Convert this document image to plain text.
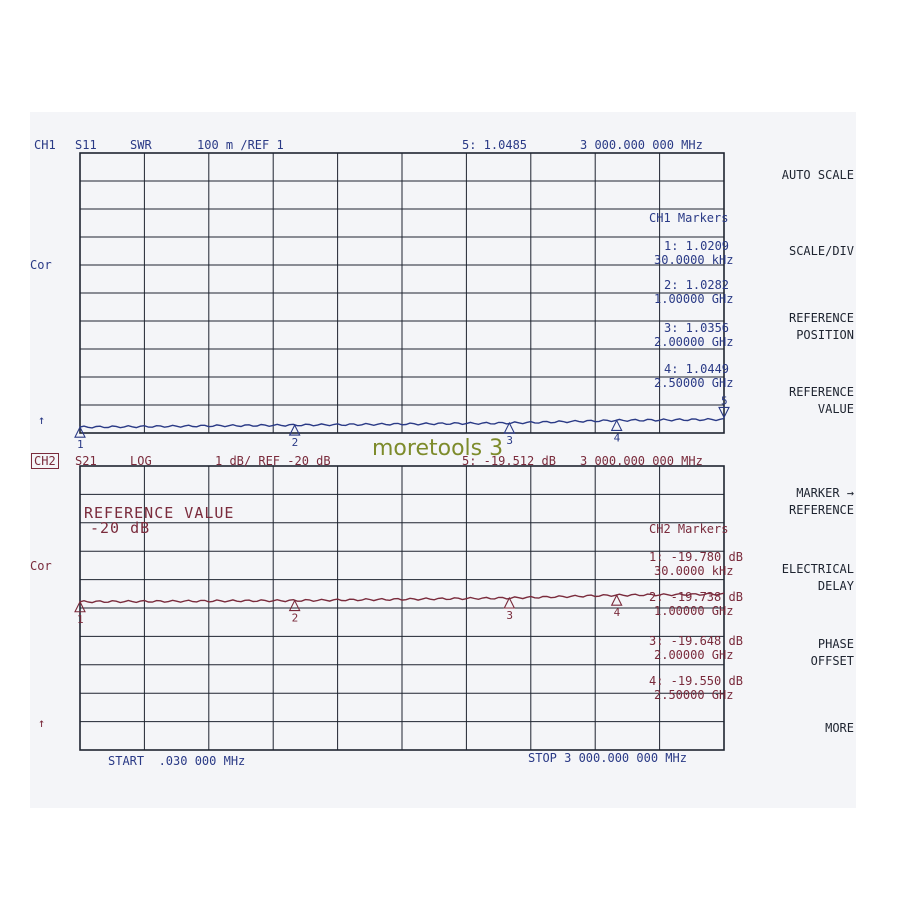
1	2	3	4
5
1	2	3	4
CH1 S11	SWR	100 m /REF 1	5: 1.0485	3 000.000 000 MHz
Cor
↑
CH1 Markers
1: 1.0209
30.0000 kHz
2: 1.0282
1.00000 GHz
3: 1.0356
2.00000 GHz
4: 1.0449
2.50000 GHz
CH2 S21	LOG	1 dB/ REF -20 dB	5: -19.512 dB 3 000.000 000 MHz
Cor
↑
REFERENCE VALUE
-20 dB	CH2 Markers
1: -19.780 dB
30.0000 kHz
2: -19.738 dB
1.00000 GHz
3: -19.648 dB
2.00000 GHz
4: -19.550 dB
2.50000 GHz
START  .030 000 MHz	STOP 3 000.000 000 MHz
AUTO SCALE
SCALE/DIV
REFERENCE
POSITION
REFERENCE
VALUE
MARKER →
REFERENCE
ELECTRICAL
DELAY
PHASE
OFFSET
MORE
moretools 3
